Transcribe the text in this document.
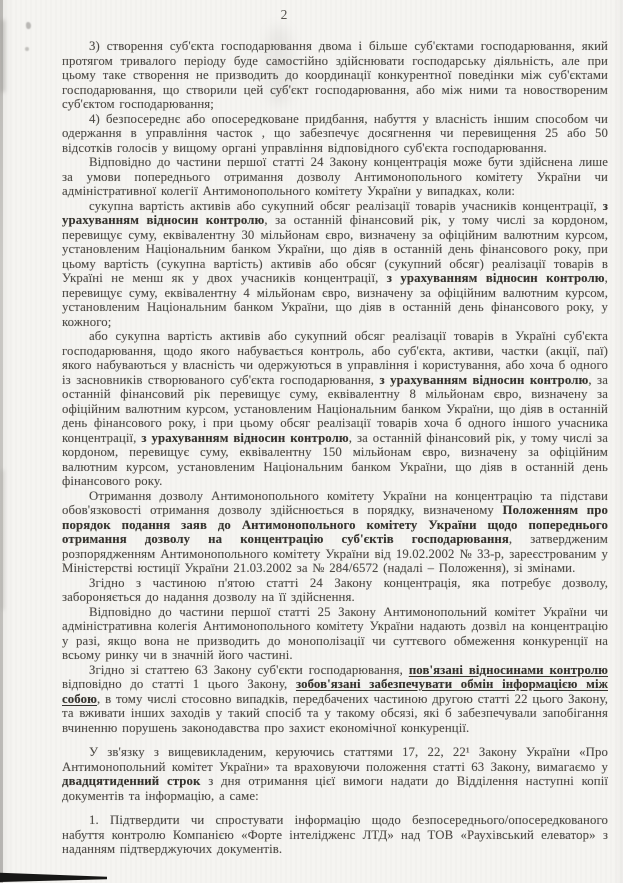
2

3) створення суб'єкта господарювання двома і більше суб'єктами господарювання, який протягом тривалого періоду буде самостійно здійснювати господарську діяльність, але при цьому таке створення не призводить до координації конкурентної поведінки між суб'єктами господарювання, що створили цей суб'єкт господарювання, або між ними та новоствореним суб'єктом господарювання;

4) безпосереднє або опосередковане придбання, набуття у власність іншим способом чи одержання в управління часток , що забезпечує досягнення чи перевищення 25 або 50 відсотків голосів у вищому органі управління відповідного суб'єкта господарювання.

Відповідно до частини першої статті 24 Закону концентрація може бути здійснена лише за умови попереднього отримання дозволу Антимонопольного комітету України чи адміністративної колегії Антимонопольного комітету України у випадках, коли:

сукупна вартість активів або сукупний обсяг реалізації товарів учасників концентрації, з урахуванням відносин контролю, за останній фінансовий рік, у тому числі за кордоном, перевищує суму, еквівалентну 30 мільйонам євро, визначену за офіційним валютним курсом, установленим Національним банком України, що діяв в останній день фінансового року, при цьому вартість (сукупна вартість) активів або обсяг (сукупний обсяг) реалізації товарів в Україні не менш як у двох учасників концентрації, з урахуванням відносин контролю, перевищує суму, еквівалентну 4 мільйонам євро, визначену за офіційним валютним курсом, установленим Національним банком України, що діяв в останній день фінансового року, у кожного;

або сукупна вартість активів або сукупний обсяг реалізації товарів в Україні суб'єкта господарювання, щодо якого набувається контроль, або суб'єкта, активи, частки (акції, паї) якого набуваються у власність чи одержуються в управління і користування, або хоча б одного із засновників створюваного суб'єкта господарювання, з урахуванням відносин контролю, за останній фінансовий рік перевищує суму, еквівалентну 8 мільйонам євро, визначену за офіційним валютним курсом, установленим Національним банком України, що діяв в останній день фінансового року, і при цьому обсяг реалізації товарів хоча б одного іншого учасника концентрації, з урахуванням відносин контролю, за останній фінансовий рік, у тому числі за кордоном, перевищує суму, еквівалентну 150 мільйонам євро, визначену за офіційним валютним курсом, установленим Національним банком України, що діяв в останній день фінансового року.

Отримання дозволу Антимонопольного комітету України на концентрацію та підстави обов'язковості отримання дозволу здійснюється в порядку, визначеному Положенням про порядок подання заяв до Антимонопольного комітету України щодо попереднього отримання дозволу на концентрацію суб'єктів господарювання, затвердженим розпорядженням Антимонопольного комітету України від 19.02.2002 № 33-р, зареєстрованим у Міністерстві юстиції України 21.03.2002 за № 284/6572 (надалі – Положення), зі змінами.

Згідно з частиною п'ятою статті 24 Закону концентрація, яка потребує дозволу, забороняється до надання дозволу на її здійснення.

Відповідно до частини першої статті 25 Закону Антимонопольний комітет України чи адміністративна колегія Антимонопольного комітету України надають дозвіл на концентрацію у разі, якщо вона не призводить до монополізації чи суттєвого обмеження конкуренції на всьому ринку чи в значній його частині.

Згідно зі статтею 63 Закону суб'єкти господарювання, пов'язані відносинами контролю відповідно до статті 1 цього Закону, зобов'язані забезпечувати обмін інформацією між собою, в тому числі стосовно випадків, передбачених частиною другою статті 22 цього Закону, та вживати інших заходів у такий спосіб та у такому обсязі, які б забезпечували запобігання вчиненню порушень законодавства про захист економічної конкуренції.

У зв'язку з вищевикладеним, керуючись статтями 17, 22, 22¹ Закону України «Про Антимонопольний комітет України» та враховуючи положення статті 63 Закону, вимагаємо у двадцятиденний строк з дня отримання цієї вимоги надати до Відділення наступні копії документів та інформацію, а саме:

1. Підтвердити чи спростувати інформацію щодо безпосереднього/опосередкованого набуття контролю Компанією «Форте інтелідженс ЛТД» над ТОВ «Раухівський елеватор» з наданням підтверджуючих документів.
